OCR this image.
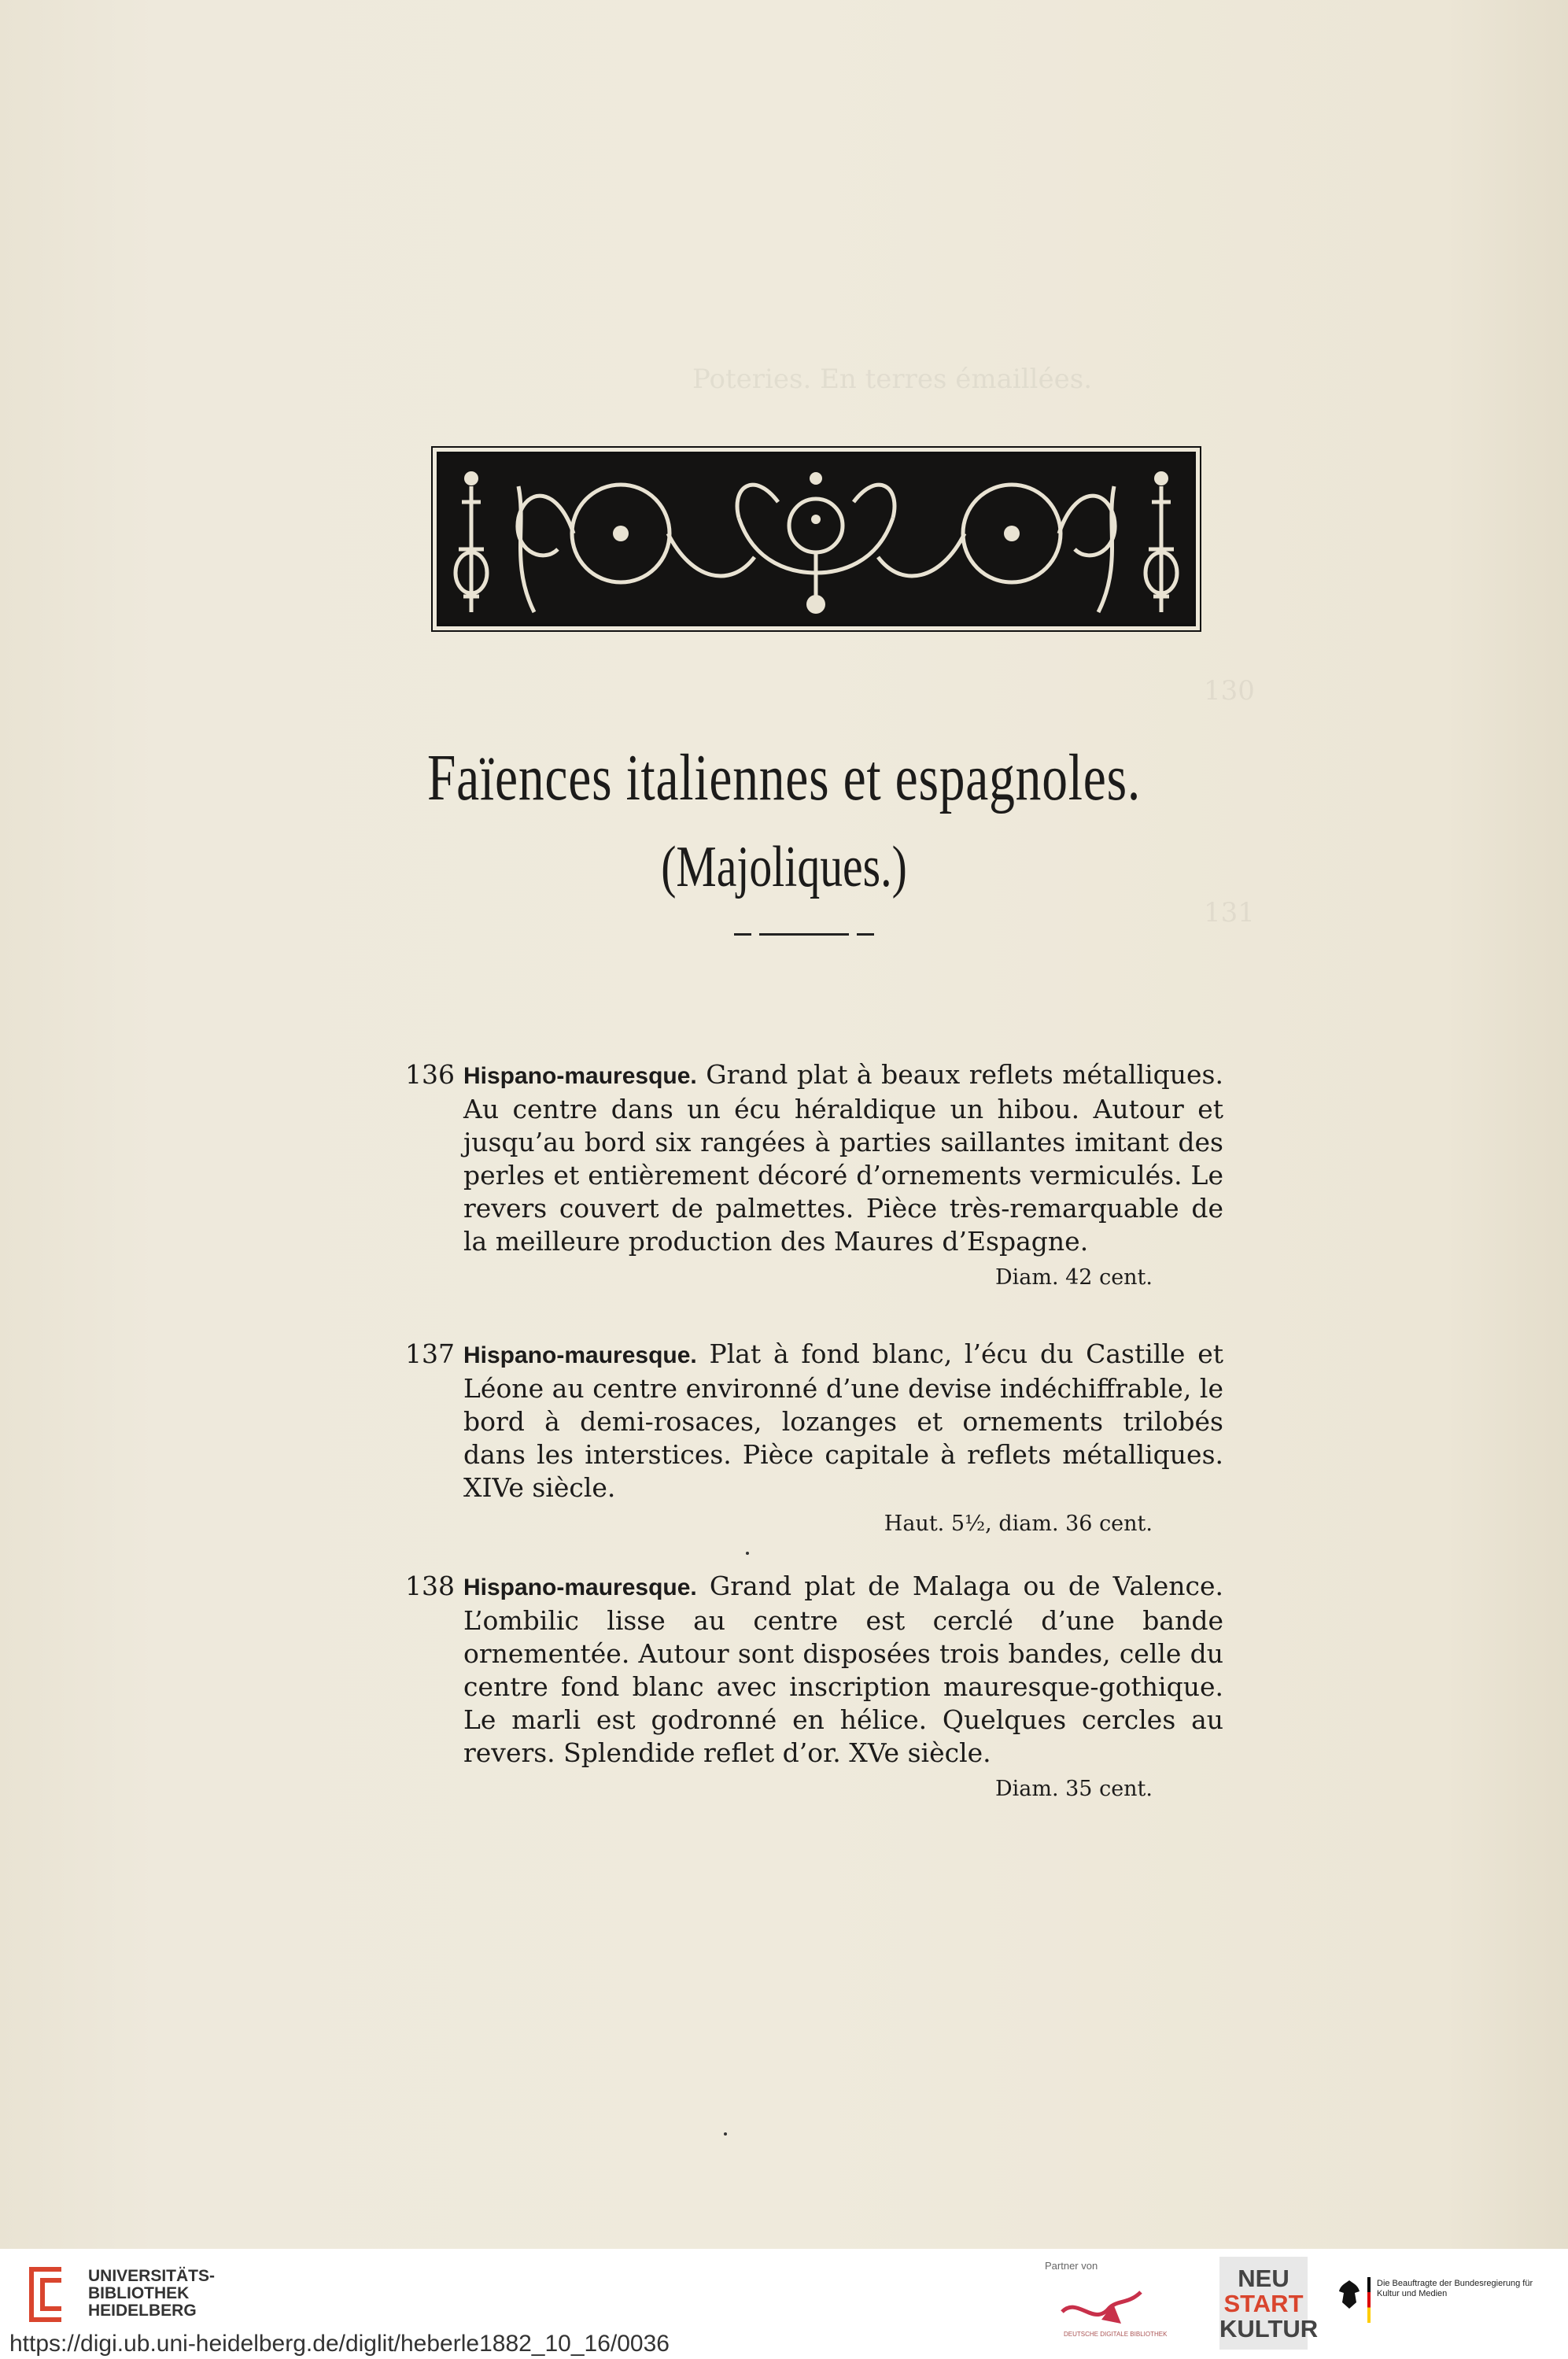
Poteries. En terres émaillées.
130
131
Faïences italiennes et espagnoles.
(Majoliques.)
136 Hispano-mauresque. Grand plat à beaux reflets métalliques. Au centre dans un écu héraldique un hibou. Autour et jusqu’au bord six rangées à parties saillantes imitant des perles et entièrement décoré d’ornements vermiculés. Le revers couvert de palmettes. Pièce très-remarquable de la meilleure production des Maures d’Espagne.
Diam. 42 cent.
137 Hispano-mauresque. Plat à fond blanc, l’écu du Castille et Léone au centre environné d’une devise indéchiffrable, le bord à demi-rosaces, lozanges et ornements trilobés dans les interstices. Pièce capitale à reflets métalliques. XIVe siècle.
Haut. 5½, diam. 36 cent.
138 Hispano-mauresque. Grand plat de Malaga ou de Valence. L’ombilic lisse au centre est cerclé d’une bande ornementée. Autour sont disposées trois bandes, celle du centre fond blanc avec inscription mauresque-gothique. Le marli est godronné en hélice. Quelques cercles au revers. Splendide reflet d’or. XVe siècle.
Diam. 35 cent.
UNIVERSITÄTS-BIBLIOTHEK HEIDELBERG
https://digi.ub.uni-heidelberg.de/diglit/heberle1882_10_16/0036
Partner von
DEUTSCHE DIGITALE BIBLIOTHEK
NEU
START
KULTUR
Die Beauftragte der Bundesregierung für Kultur und Medien
